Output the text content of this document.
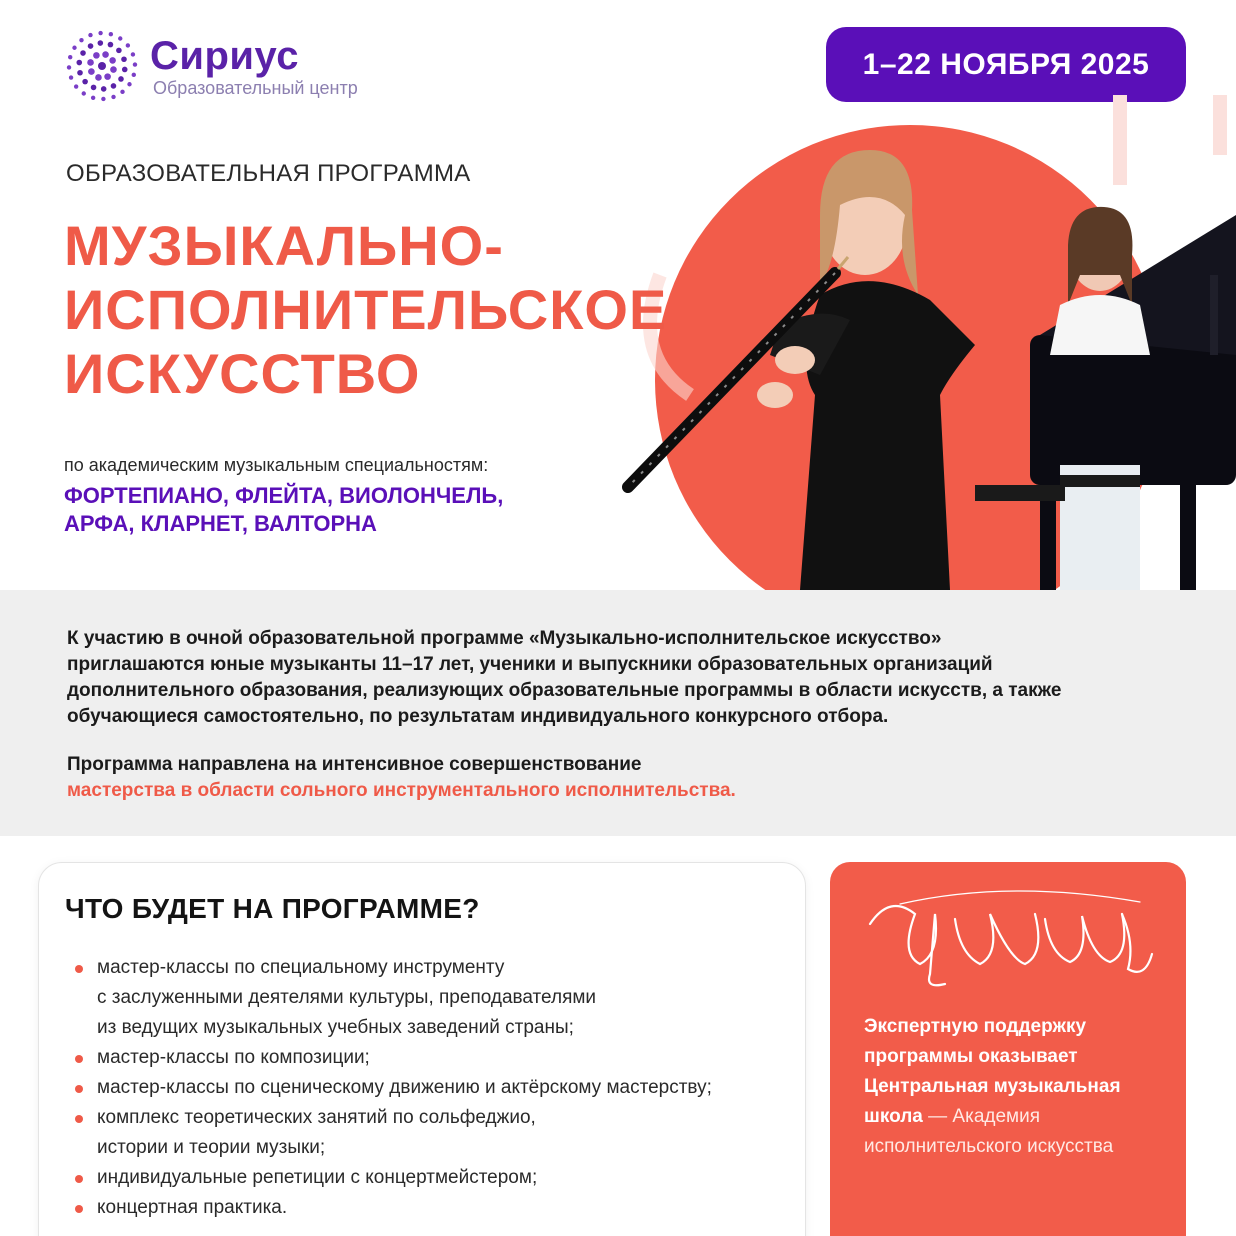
Сириус
Образовательный центр
1–22 НОЯБРЯ 2025
ОБРАЗОВАТЕЛЬНАЯ ПРОГРАММА
МУЗЫКАЛЬНО-
ИСПОЛНИТЕЛЬСКОЕ
ИСКУССТВО
по академическим музыкальным специальностям:
ФОРТЕПИАНО, ФЛЕЙТА, ВИОЛОНЧЕЛЬ,
АРФА, КЛАРНЕТ, ВАЛТОРНА

К участию в очной образовательной программе «Музыкально-исполнительское искусство» приглашаются юные музыканты 11–17 лет, ученики и выпускники образовательных организаций дополнительного образования, реализующих образовательные программы в области искусств, а также обучающиеся самостоятельно, по результатам индивидуального конкурсного отбора.

Программа направлена на интенсивное совершенствование
мастерства в области сольного инструментального исполнительства.

ЧТО БУДЕТ НА ПРОГРАММЕ?
мастер-классы по специальному инструменту
с заслуженными деятелями культуры, преподавателями
из ведущих музыкальных учебных заведений страны;
мастер-классы по композиции;
мастер-классы по сценическому движению и актёрскому мастерству;
комплекс теоретических занятий по сольфеджио,
истории и теории музыки;
индивидуальные репетиции с концертмейстером;
концертная практика.

Экспертную поддержку программы оказывает Центральная музыкальная школа — Академия исполнительского искусства
